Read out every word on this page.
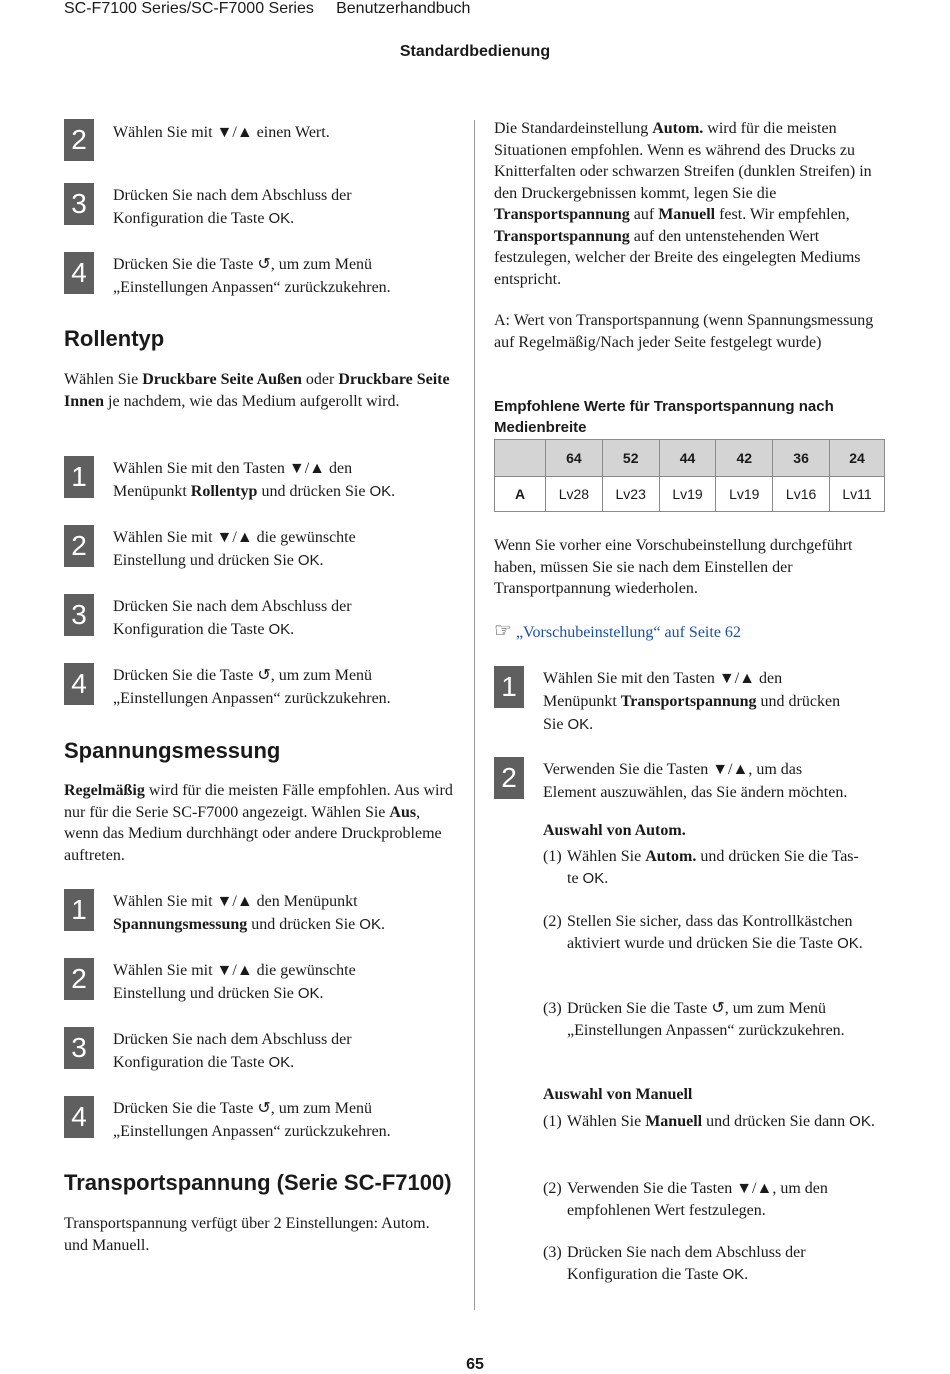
SC-F7100 Series/SC-F7000 Series     Benutzerhandbuch
Standardbedienung
2	Wählen Sie mit ▼/▲ einen Wert.
3	Drücken Sie nach dem Abschluss der
Konfiguration die Taste OK.
4	Drücken Sie die Taste ↺, um zum Menü
„Einstellungen Anpassen“ zurückzukehren.
Rollentyp
Wählen Sie Druckbare Seite Außen oder Druckbare Seite Innen je nachdem, wie das Medium aufgerollt wird.
1	Wählen Sie mit den Tasten ▼/▲ den
Menüpunkt Rollentyp und drücken Sie OK.
2	Wählen Sie mit ▼/▲ die gewünschte
Einstellung und drücken Sie OK.
3	Drücken Sie nach dem Abschluss der
Konfiguration die Taste OK.
4	Drücken Sie die Taste ↺, um zum Menü
„Einstellungen Anpassen“ zurückzukehren.
Spannungsmessung
Regelmäßig wird für die meisten Fälle empfohlen. Aus wird nur für die Serie SC-F7000 angezeigt. Wählen Sie Aus, wenn das Medium durchhängt oder andere Druckprobleme auftreten.
1	Wählen Sie mit ▼/▲ den Menüpunkt
Spannungsmessung und drücken Sie OK.
2	Wählen Sie mit ▼/▲ die gewünschte
Einstellung und drücken Sie OK.
3	Drücken Sie nach dem Abschluss der
Konfiguration die Taste OK.
4	Drücken Sie die Taste ↺, um zum Menü
„Einstellungen Anpassen“ zurückzukehren.
Transportspannung (Serie SC-F7100)
Transportspannung verfügt über 2 Einstellungen: Autom. und Manuell.
Die Standardeinstellung Autom. wird für die meisten Situationen empfohlen. Wenn es während des Drucks zu Knitterfalten oder schwarzen Streifen (dunklen Streifen) in den Druckergebnissen kommt, legen Sie die Transportspannung auf Manuell fest. Wir empfehlen, Transportspannung auf den untenstehenden Wert festzulegen, welcher der Breite des eingelegten Mediums entspricht.
A: Wert von Transportspannung (wenn Spannungsmessung auf Regelmäßig/Nach jeder Seite festgelegt wurde)
Empfohlene Werte für Transportspannung nach Medienbreite
	64	52	44	42	36	24
A	Lv28	Lv23	Lv19	Lv19	Lv16	Lv11
Wenn Sie vorher eine Vorschubeinstellung durchgeführt haben, müssen Sie sie nach dem Einstellen der Transportpannung wiederholen.
☞ „Vorschubeinstellung“ auf Seite 62
1	Wählen Sie mit den Tasten ▼/▲ den
Menüpunkt Transportspannung und drücken
Sie OK.
2	Verwenden Sie die Tasten ▼/▲, um das
Element auszuwählen, das Sie ändern möchten.
Auswahl von Autom.
(1) Wählen Sie Autom. und drücken Sie die Tas-
te OK.
(2) Stellen Sie sicher, dass das Kontrollkästchen aktiviert wurde und drücken Sie die Taste OK.
(3) Drücken Sie die Taste ↺, um zum Menü „Einstellungen Anpassen“ zurückzukehren.
Auswahl von Manuell
(1) Wählen Sie Manuell und drücken Sie dann OK.
(2) Verwenden Sie die Tasten ▼/▲, um den empfohlenen Wert festzulegen.
(3) Drücken Sie nach dem Abschluss der Konfiguration die Taste OK.
65
